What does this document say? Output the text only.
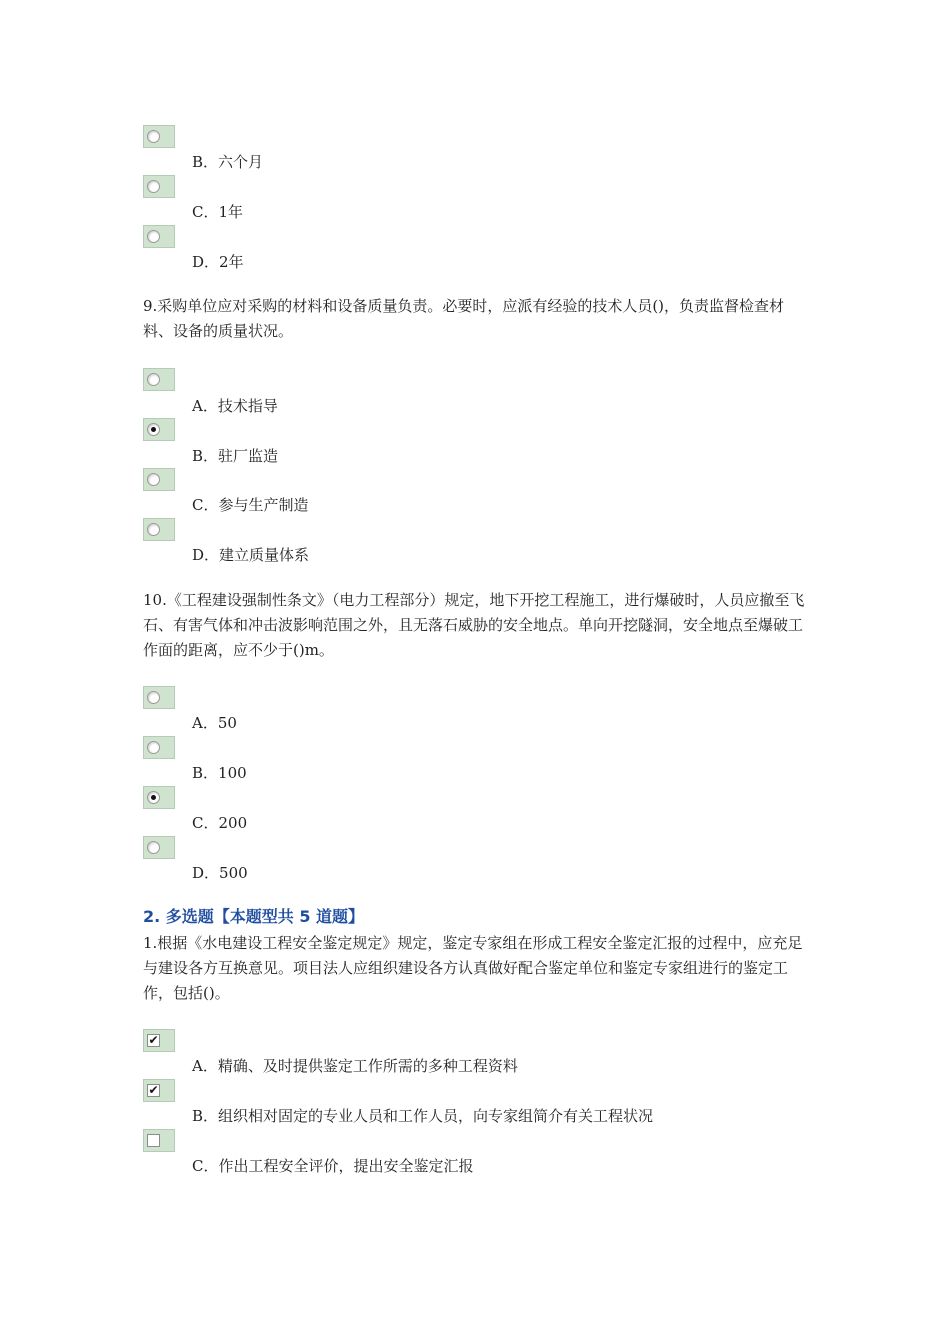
B．六个月
C．1年
D．2年
9.采购单位应对采购的材料和设备质量负责。必要时，应派有经验的技术人员()，负责监督检查材料、设备的质量状况。
A．技术指导
B．驻厂监造
C．参与生产制造
D．建立质量体系
10.《工程建设强制性条文》（电力工程部分）规定，地下开挖工程施工，进行爆破时，人员应撤至飞石、有害气体和冲击波影响范围之外，且无落石威胁的安全地点。单向开挖隧洞，安全地点至爆破工作面的距离，应不少于()m。
A．50
B．100
C．200
D．500
2. 多选题【本题型共 5 道题】
1.根据《水电建设工程安全鉴定规定》规定，鉴定专家组在形成工程安全鉴定汇报的过程中，应充足与建设各方互换意见。项目法人应组织建设各方认真做好配合鉴定单位和鉴定专家组进行的鉴定工作，包括()。
✔
A．精确、及时提供鉴定工作所需的多种工程资料
✔
B．组织相对固定的专业人员和工作人员，向专家组简介有关工程状况
C．作出工程安全评价，提出安全鉴定汇报
